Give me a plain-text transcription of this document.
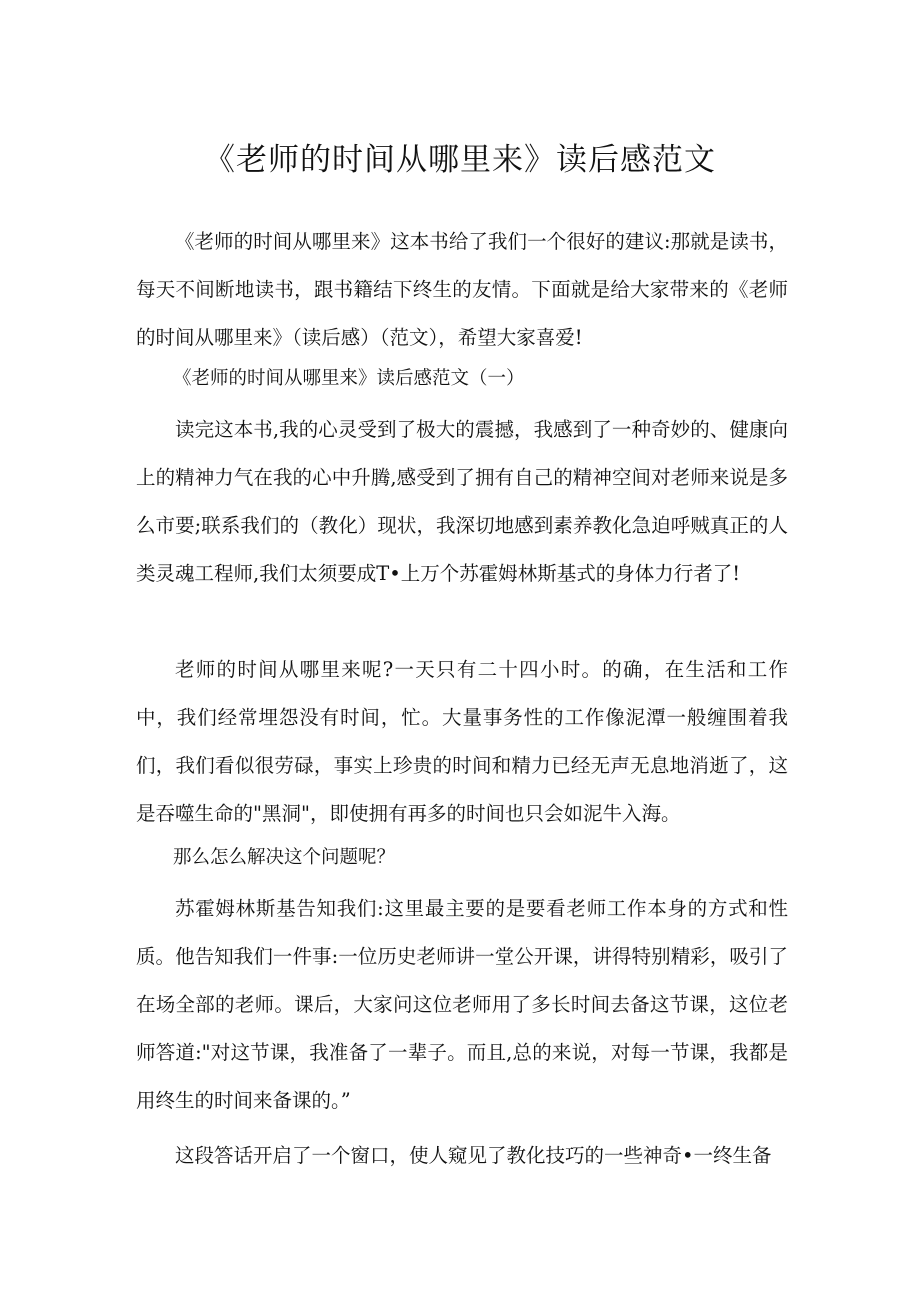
《老师的时间从哪里来》读后感范文

《老师的时间从哪里来》这本书给了我们一个很好的建议:那就是读书，每天不间断地读书，跟书籍结下终生的友情。下面就是给大家带来的《老师的时间从哪里来》（读后感）（范文），希望大家喜爱!

《老师的时间从哪里来》读后感范文（一）

读完这本书,我的心灵受到了极大的震撼，我感到了一种奇妙的、健康向上的精神力气在我的心中升腾,感受到了拥有自己的精神空间对老师来说是多么市要;联系我们的（教化）现状，我深切地感到素养教化急迫呼贼真正的人类灵魂工程师,我们太须要成T•上万个苏霍姆林斯基式的身体力行者了!

老师的时间从哪里来呢?一天只有二十四小时。的确，在生活和工作中，我们经常埋怨没有时间，忙。大量事务性的工作像泥潭一般缠围着我们，我们看似很劳碌，事实上珍贵的时间和精力已经无声无息地消逝了，这是吞噬生命的"黑洞"，即使拥有再多的时间也只会如泥牛入海。

那么怎么解决这个问题呢？

苏霍姆林斯基告知我们:这里最主要的是要看老师工作本身的方式和性质。他告知我们一件事:一位历史老师讲一堂公开课，讲得特别精彩，吸引了在场全部的老师。课后，大家问这位老师用了多长时间去备这节课，这位老师答道:"对这节课，我准备了一辈子。而且,总的来说，对每一节课，我都是用终生的时间来备课的。”

这段答话开启了一个窗口，使人窥见了教化技巧的一些神奇•一终生备
